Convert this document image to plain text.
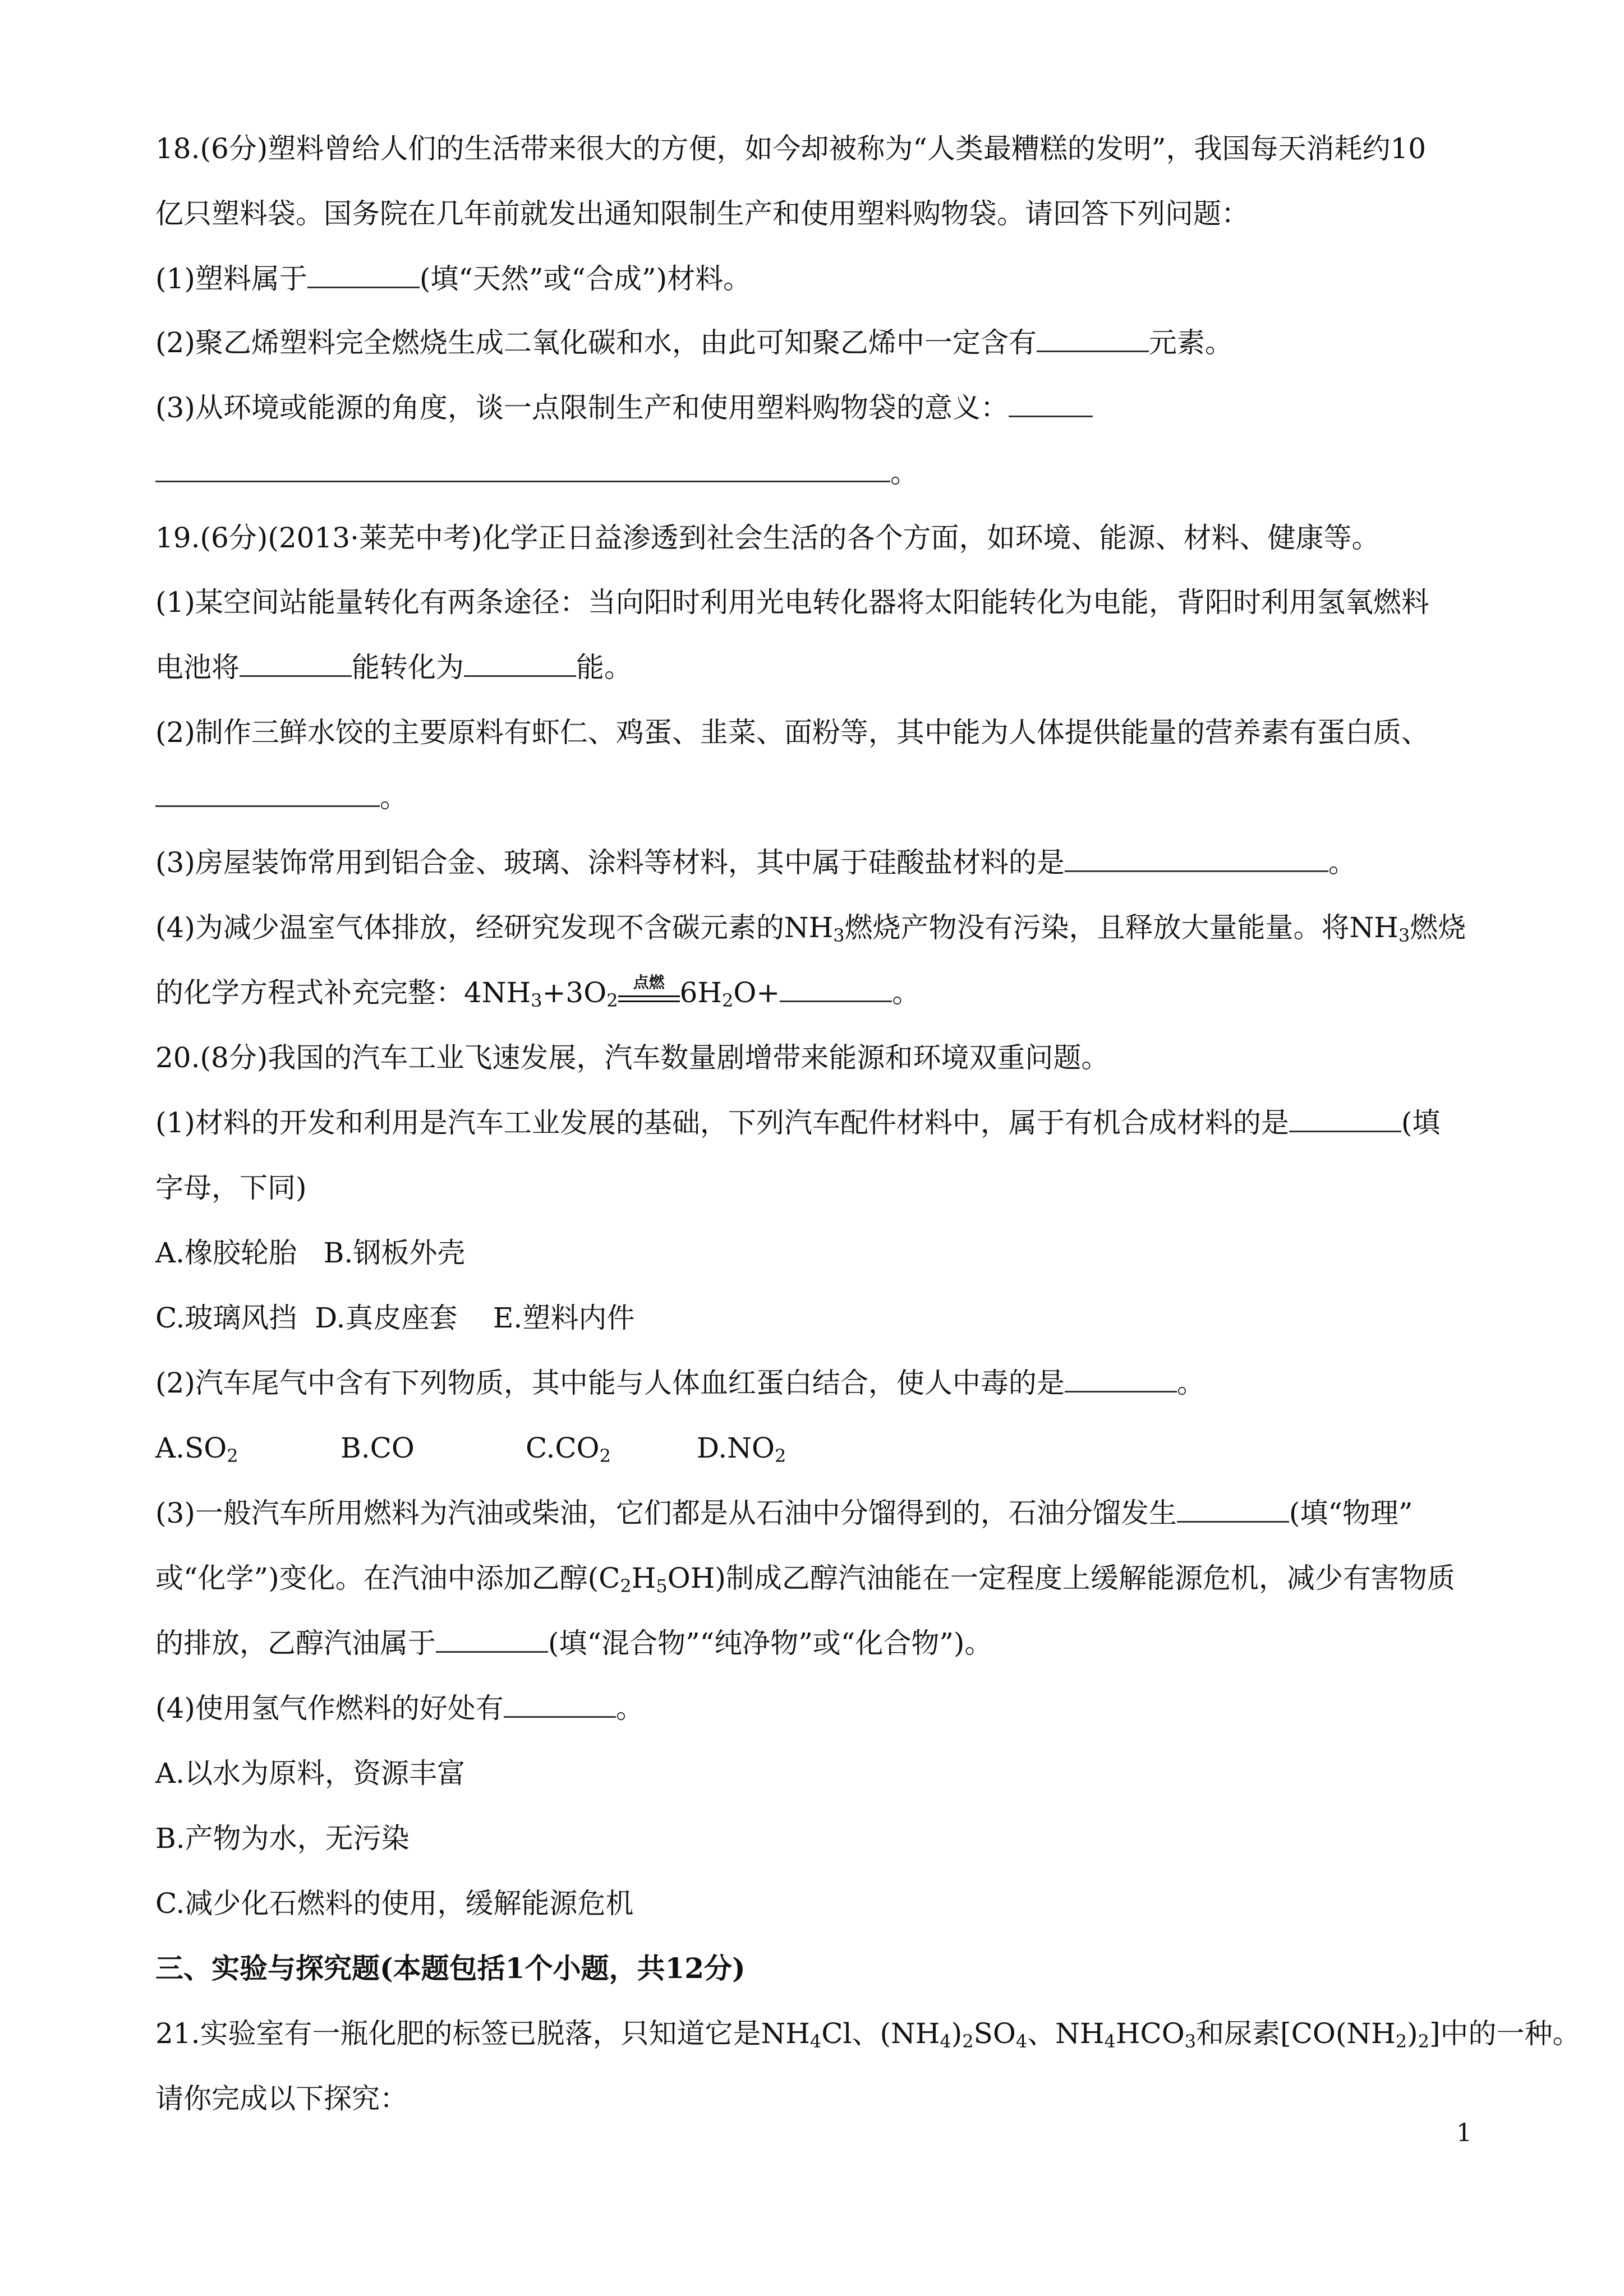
18.(6分)塑料曾给人们的生活带来很大的方便，如今却被称为“人类最糟糕的发明”，我国每天消耗约10
亿只塑料袋。国务院在几年前就发出通知限制生产和使用塑料购物袋。请回答下列问题：
(1)塑料属于	(填“天然”或“合成”)材料。
(2)聚乙烯塑料完全燃烧生成二氧化碳和水，由此可知聚乙烯中一定含有	元素。
(3)从环境或能源的角度，谈一点限制生产和使用塑料购物袋的意义：
。
19.(6分)(2013·莱芜中考)化学正日益渗透到社会生活的各个方面，如环境、能源、材料、健康等。
(1)某空间站能量转化有两条途径：当向阳时利用光电转化器将太阳能转化为电能，背阳时利用氢氧燃料
电池将	能转化为	能。
(2)制作三鲜水饺的主要原料有虾仁、鸡蛋、韭菜、面粉等，其中能为人体提供能量的营养素有蛋白质、
。
(3)房屋装饰常用到铝合金、玻璃、涂料等材料，其中属于硅酸盐材料的是	。
(4)为减少温室气体排放，经研究发现不含碳元素的$NH_3$燃烧产物没有污染，且释放大量能量。将$NH_3$燃烧
的化学方程式补充完整：$4NH_3+3O_2$
点燃 $6H_2O+$	。
20.(8分)我国的汽车工业飞速发展，汽车数量剧增带来能源和环境双重问题。
(1)材料的开发和利用是汽车工业发展的基础，下列汽车配件材料中，属于有机合成材料的是	(填
字母，下同)
A.橡胶轮胎   B.钢板外壳
C.玻璃风挡  D.真皮座套    E.塑料内件
(2)汽车尾气中含有下列物质，其中能与人体血红蛋白结合，使人中毒的是	。
$A.SO_2$	B.CO	$C.CO_2$	$D.NO_2$
(3)一般汽车所用燃料为汽油或柴油，它们都是从石油中分馏得到的，石油分馏发生	(填“物理”
或“化学”)变化。在汽油中添加乙醇$(C_2H_5OH)$制成乙醇汽油能在一定程度上缓解能源危机，减少有害物质
的排放，乙醇汽油属于	(填“混合物”“纯净物”或“化合物”)。
(4)使用氢气作燃料的好处有	。
A.以水为原料，资源丰富
B.产物为水，无污染
C.减少化石燃料的使用，缓解能源危机
三、实验与探究题(本题包括1个小题，共12分)
21.实验室有一瓶化肥的标签已脱落，只知道它是$NH_4Cl$、$(NH_4)_2SO_4$、$NH_4HCO_3$和尿素$[CO(NH_2)_2]$中的一种。
请你完成以下探究：
1
